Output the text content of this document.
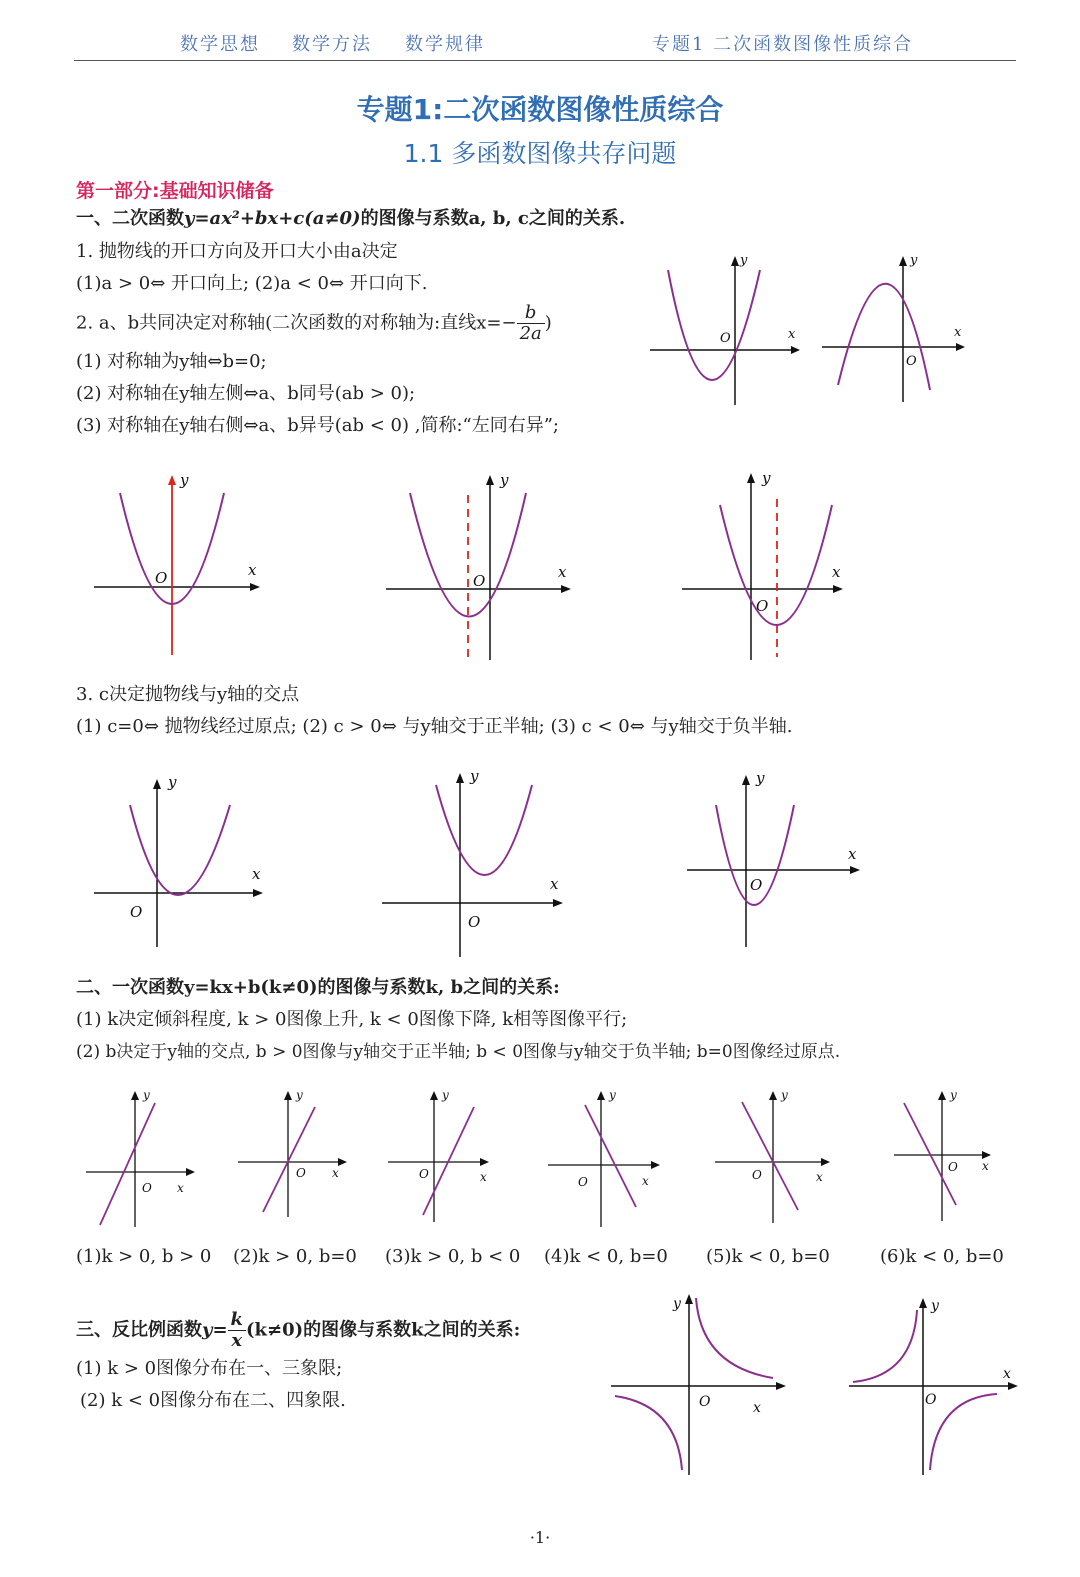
数学思想 数学方法 数学规律	专题1 二次函数图像性质综合
专题1:二次函数图像性质综合
1.1 多函数图像共存问题
第一部分:基础知识储备
一、二次函数y=ax²+bx+c(a≠0)的图像与系数a, b, c之间的关系.
1. 抛物线的开口方向及开口大小由a决定
(1)a > 0⇔ 开口向上; (2)a < 0⇔ 开口向下.
2. a、b共同决定对称轴(二次函数的对称轴为:直线$x=- \frac{b}{2a}$ )
(1) 对称轴为y轴⇔b=0;
(2) 对称轴在y轴左侧⇔a、b同号(ab > 0);
(3) 对称轴在y轴右侧⇔a、b异号(ab < 0) ,简称:“左同右异”;
y
x
O
y
x
O
y
x
O
y
x
O
y
x
O
3. c决定抛物线与y轴的交点
(1) c=0⇔ 抛物线经过原点; (2) c > 0⇔ 与y轴交于正半轴; (3) c < 0⇔ 与y轴交于负半轴.
y
x
O
y
x
O
y
x
O
二、一次函数y=kx+b(k≠0)的图像与系数k, b之间的关系:
(1) k决定倾斜程度, k > 0图像上升, k < 0图像下降, k相等图像平行;
(2) b决定于y轴的交点, b > 0图像与y轴交于正半轴; b < 0图像与y轴交于负半轴; b=0图像经过原点.
y
x
O
y
x
O
y
x
O
y
x
O
y
x
O
y
x
O
(1)k > 0, b > 0 (2)k > 0, b=0 (3)k > 0, b < 0 (4)k < 0, b=0 (5)k < 0, b=0	(6)k < 0, b=0
三、反比例函数$y= \frac{k}{x} (k\ne 0)$的图像与系数k之间的关系:
(1) k > 0图像分布在一、三象限;
(2) k < 0图像分布在二、四象限.
y
x
O
y
x
O
·1·
